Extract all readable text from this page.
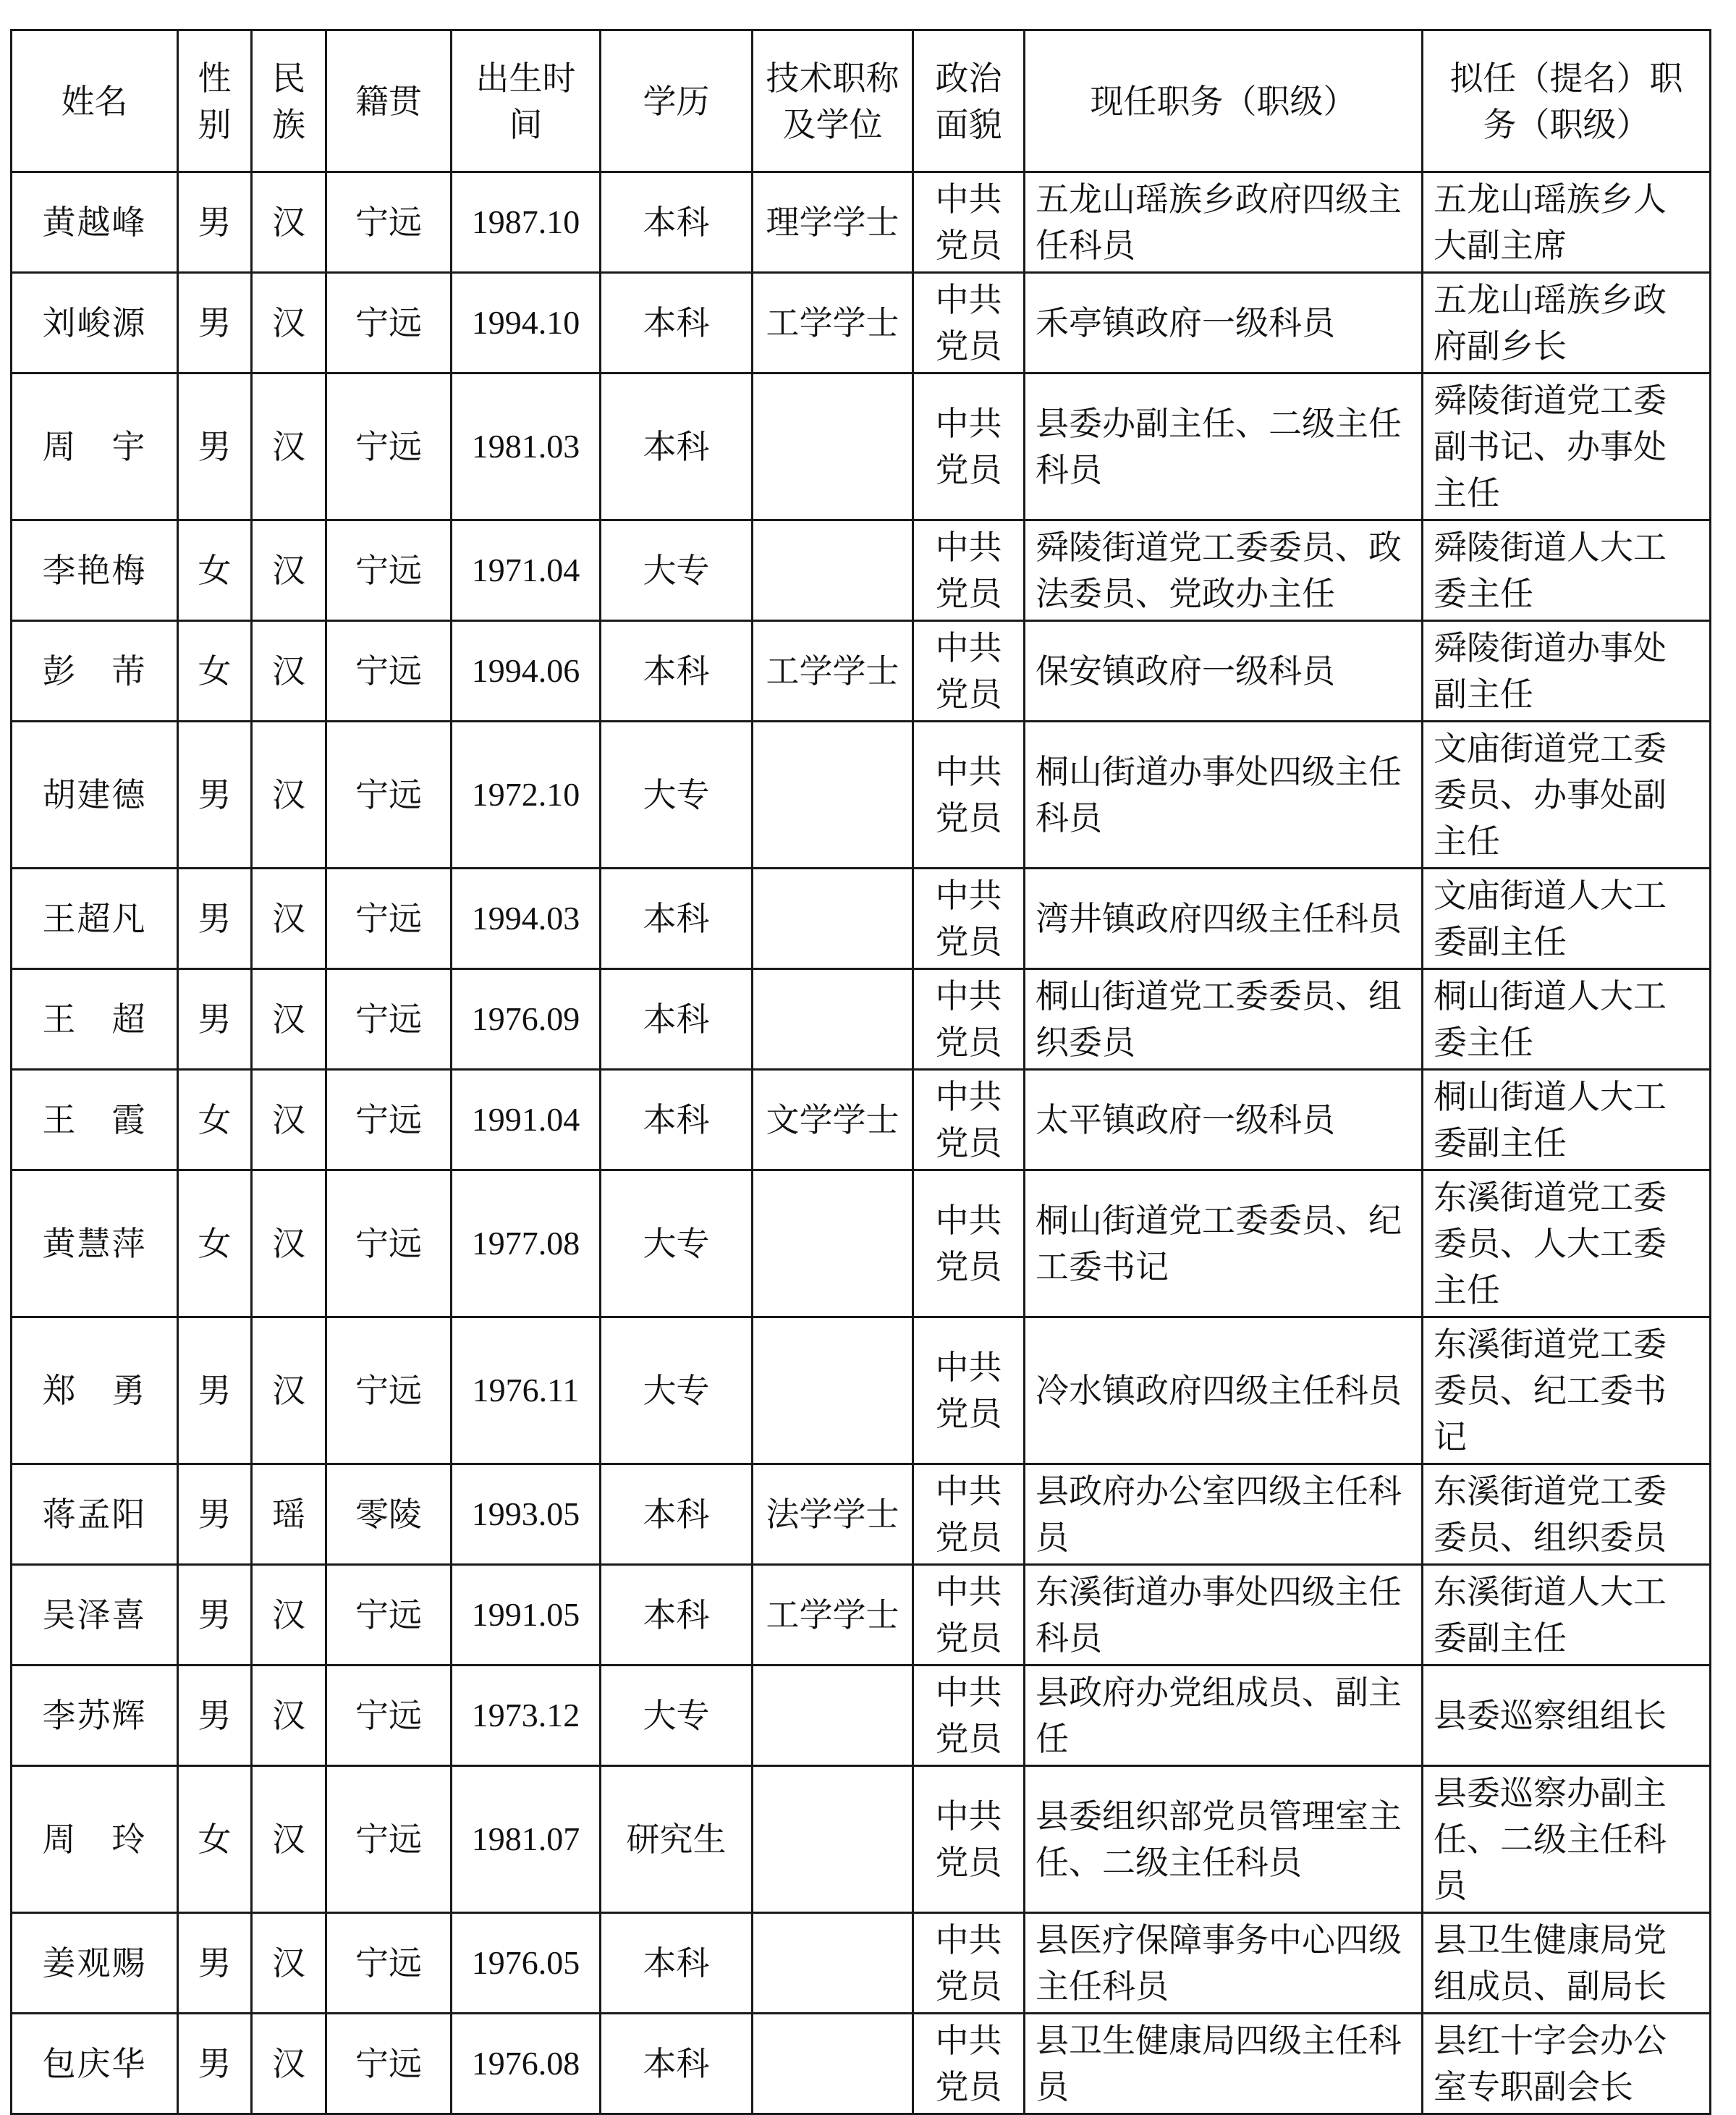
姓名	性别	民族	籍贯	出生时间	学历	技术职称及学位	政治面貌	现任职务（职级）	拟任（提名）职务（职级）
黄越峰	男	汉	宁远	1987.10	本科	理学学士	中共党员	五龙山瑶族乡政府四级主任科员	五龙山瑶族乡人大副主席
刘峻源	男	汉	宁远	1994.10	本科	工学学士	中共党员	禾亭镇政府一级科员	五龙山瑶族乡政府副乡长
周　宇	男	汉	宁远	1981.03	本科		中共党员	县委办副主任、二级主任科员	舜陵街道党工委副书记、办事处主任
李艳梅	女	汉	宁远	1971.04	大专		中共党员	舜陵街道党工委委员、政法委员、党政办主任	舜陵街道人大工委主任
彭　芾	女	汉	宁远	1994.06	本科	工学学士	中共党员	保安镇政府一级科员	舜陵街道办事处副主任
胡建德	男	汉	宁远	1972.10	大专		中共党员	桐山街道办事处四级主任科员	文庙街道党工委委员、办事处副主任
王超凡	男	汉	宁远	1994.03	本科		中共党员	湾井镇政府四级主任科员	文庙街道人大工委副主任
王　超	男	汉	宁远	1976.09	本科		中共党员	桐山街道党工委委员、组织委员	桐山街道人大工委主任
王　霞	女	汉	宁远	1991.04	本科	文学学士	中共党员	太平镇政府一级科员	桐山街道人大工委副主任
黄慧萍	女	汉	宁远	1977.08	大专		中共党员	桐山街道党工委委员、纪工委书记	东溪街道党工委委员、人大工委主任
郑　勇	男	汉	宁远	1976.11	大专		中共党员	冷水镇政府四级主任科员	东溪街道党工委委员、纪工委书记
蒋孟阳	男	瑶	零陵	1993.05	本科	法学学士	中共党员	县政府办公室四级主任科员	东溪街道党工委委员、组织委员
吴泽喜	男	汉	宁远	1991.05	本科	工学学士	中共党员	东溪街道办事处四级主任科员	东溪街道人大工委副主任
李苏辉	男	汉	宁远	1973.12	大专		中共党员	县政府办党组成员、副主任	县委巡察组组长
周　玲	女	汉	宁远	1981.07	研究生		中共党员	县委组织部党员管理室主任、二级主任科员	县委巡察办副主任、二级主任科员
姜观赐	男	汉	宁远	1976.05	本科		中共党员	县医疗保障事务中心四级主任科员	县卫生健康局党组成员、副局长
包庆华	男	汉	宁远	1976.08	本科		中共党员	县卫生健康局四级主任科员	县红十字会办公室专职副会长
